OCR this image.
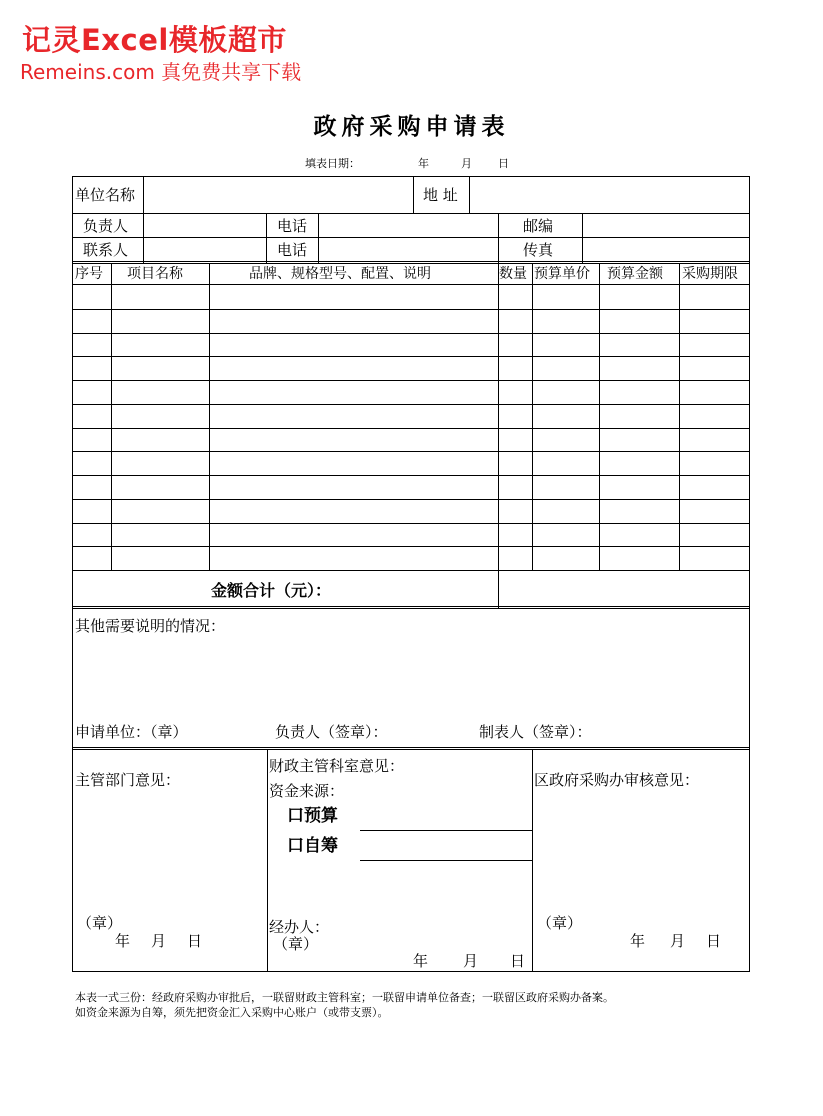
记灵Excel模板超市
Remeins.com 真免费共享下载
政府采购申请表
填表日期：	年	月 日
单位名称	地 址
负责人	电话	邮编
联系人	电话	传真
序号 项目名称	品牌、规格型号、配置、说明	数量 预算单价 预算金额 采购期限
金额合计（元）：
其他需要说明的情况：
申请单位：（章）	负责人（签章）：	制表人（签章）：
主管部门意见：
（章）
年 月 日
财政主管科室意见：
资金来源：
口预算
口自筹
经办人：
（章）
年 月 日
区政府采购办审核意见：
（章）
年 月 日
本表一式三份：经政府采购办审批后，一联留财政主管科室；一联留申请单位备查；一联留区政府采购办备案。
如资金来源为自筹，须先把资金汇入采购中心账户（或带支票）。
